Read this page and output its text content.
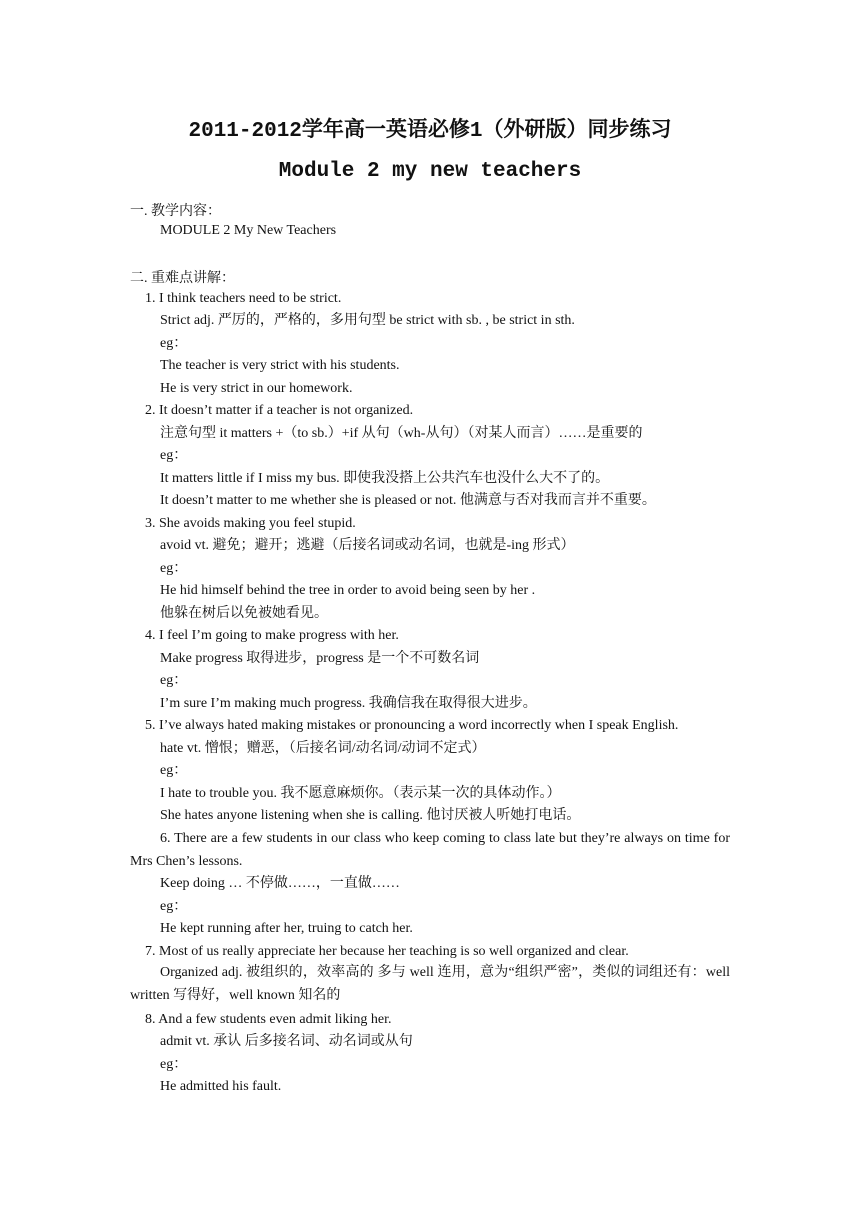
2011-2012学年高一英语必修1（外研版）同步练习
Module 2 my new teachers
一. 教学内容：
MODULE 2 My New Teachers
二. 重难点讲解：
1. I think teachers need to be strict.
Strict adj. 严厉的，严格的，多用句型 be strict with sb. , be strict in sth.
eg：
The teacher is very strict with his students.
He is very strict in our homework.
2. It doesn’t matter if a teacher is not organized.
注意句型 it matters +（to sb.）+if 从句（wh-从句）（对某人而言）……是重要的
eg：
It matters little if I miss my bus. 即使我没搭上公共汽车也没什么大不了的。
It doesn’t matter to me whether she is pleased or not. 他满意与否对我而言并不重要。
3. She avoids making you feel stupid.
avoid vt. 避免；避开；逃避（后接名词或动名词，也就是-ing 形式）
eg：
He hid himself behind the tree in order to avoid being seen by her .
他躲在树后以免被她看见。
4. I feel I’m going to make progress with her.
Make progress 取得进步，progress 是一个不可数名词
eg：
I’m sure I’m making much progress. 我确信我在取得很大进步。
5. I’ve always hated making mistakes or pronouncing a word incorrectly when I speak English.
hate vt. 憎恨；赠恶，（后接名词/动名词/动词不定式）
eg：
I hate to trouble you. 我不愿意麻烦你。（表示某一次的具体动作。）
She hates anyone listening when she is calling. 他讨厌被人听她打电话。
6. There are a few students in our class who keep coming to class late but they’re always on time for Mrs Chen’s lessons.
Keep doing … 不停做……，一直做……
eg：
He kept running after her, truing to catch her.
7. Most of us really appreciate her because her teaching is so well organized and clear.
Organized adj. 被组织的，效率高的 多与 well 连用，意为“组织严密”，类似的词组还有：well written 写得好，well known 知名的
8. And a few students even admit liking her.
admit vt. 承认 后多接名词、动名词或从句
eg：
He admitted his fault.
